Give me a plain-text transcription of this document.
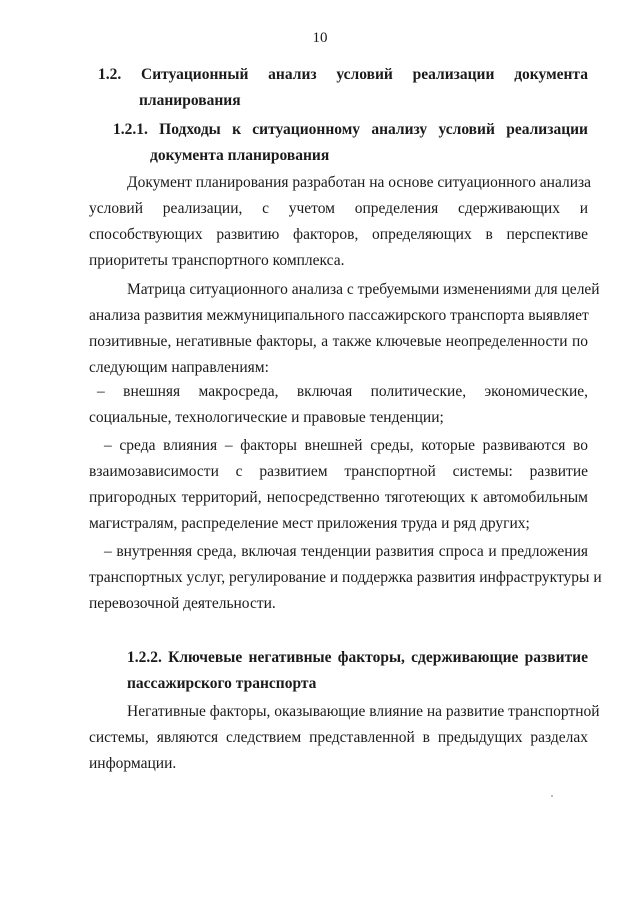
10
1.2. Ситуационный анализ условий реализации документа
планирования
1.2.1. Подходы к ситуационному анализу условий реализации
документа планирования
Документ планирования разработан на основе ситуационного анализа
условий реализации, с учетом определения сдерживающих и
способствующих развитию факторов, определяющих в перспективе
приоритеты транспортного комплекса.
Матрица ситуационного анализа с требуемыми изменениями для целей
анализа развития межмуниципального пассажирского транспорта выявляет
позитивные, негативные факторы, а также ключевые неопределенности по
следующим направлениям:
– внешняя макросреда, включая политические, экономические,
социальные, технологические и правовые тенденции;
– среда влияния – факторы внешней среды, которые развиваются во
взаимозависимости с развитием транспортной системы: развитие
пригородных территорий, непосредственно тяготеющих к автомобильным
магистралям, распределение мест приложения труда и ряд других;
– внутренняя среда, включая тенденции развития спроса и предложения
транспортных услуг, регулирование и поддержка развития инфраструктуры и
перевозочной деятельности.
1.2.2. Ключевые негативные факторы, сдерживающие развитие
пассажирского транспорта
Негативные факторы, оказывающие влияние на развитие транспортной
системы, являются следствием представленной в предыдущих разделах
информации.
